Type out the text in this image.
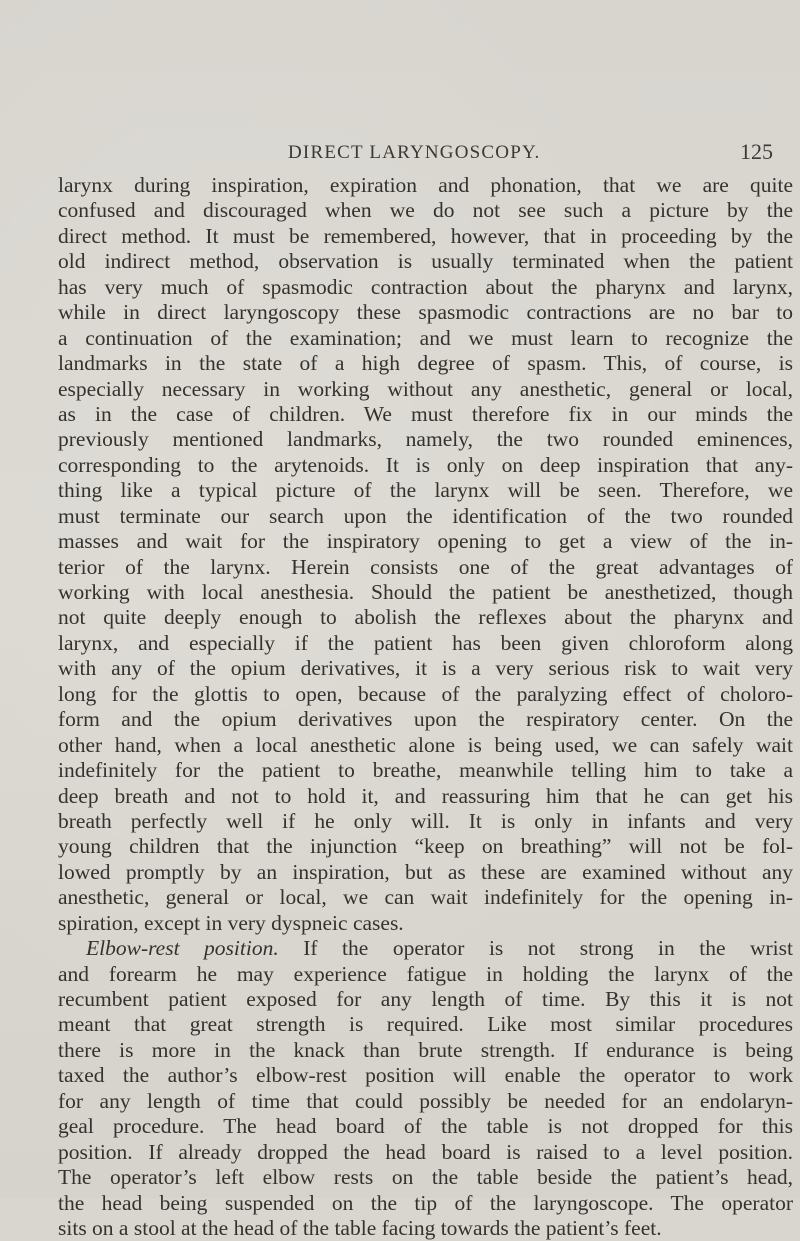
DIRECT LARYNGOSCOPY.	125
larynx during inspiration, expiration and phonation, that we are quite
confused and discouraged when we do not see such a picture by the
direct method. It must be remembered, however, that in proceeding by the
old indirect method, observation is usually terminated when the patient
has very much of spasmodic contraction about the pharynx and larynx,
while in direct laryngoscopy these spasmodic contractions are no bar to
a continuation of the examination; and we must learn to recognize the
landmarks in the state of a high degree of spasm. This, of course, is
especially necessary in working without any anesthetic, general or local,
as in the case of children. We must therefore fix in our minds the
previously mentioned landmarks, namely, the two rounded eminences,
corresponding to the arytenoids. It is only on deep inspiration that any-
thing like a typical picture of the larynx will be seen. Therefore, we
must terminate our search upon the identification of the two rounded
masses and wait for the inspiratory opening to get a view of the in-
terior of the larynx. Herein consists one of the great advantages of
working with local anesthesia. Should the patient be anesthetized, though
not quite deeply enough to abolish the reflexes about the pharynx and
larynx, and especially if the patient has been given chloroform along
with any of the opium derivatives, it is a very serious risk to wait very
long for the glottis to open, because of the paralyzing effect of choloro-
form and the opium derivatives upon the respiratory center. On the
other hand, when a local anesthetic alone is being used, we can safely wait
indefinitely for the patient to breathe, meanwhile telling him to take a
deep breath and not to hold it, and reassuring him that he can get his
breath perfectly well if he only will. It is only in infants and very
young children that the injunction “keep on breathing” will not be fol-
lowed promptly by an inspiration, but as these are examined without any
anesthetic, general or local, we can wait indefinitely for the opening in-
spiration, except in very dyspneic cases.
Elbow-rest position. If the operator is not strong in the wrist
and forearm he may experience fatigue in holding the larynx of the
recumbent patient exposed for any length of time. By this it is not
meant that great strength is required. Like most similar procedures
there is more in the knack than brute strength. If endurance is being
taxed the author’s elbow-rest position will enable the operator to work
for any length of time that could possibly be needed for an endolaryn-
geal procedure. The head board of the table is not dropped for this
position. If already dropped the head board is raised to a level position.
The operator’s left elbow rests on the table beside the patient’s head,
the head being suspended on the tip of the laryngoscope. The operator
sits on a stool at the head of the table facing towards the patient’s feet.
